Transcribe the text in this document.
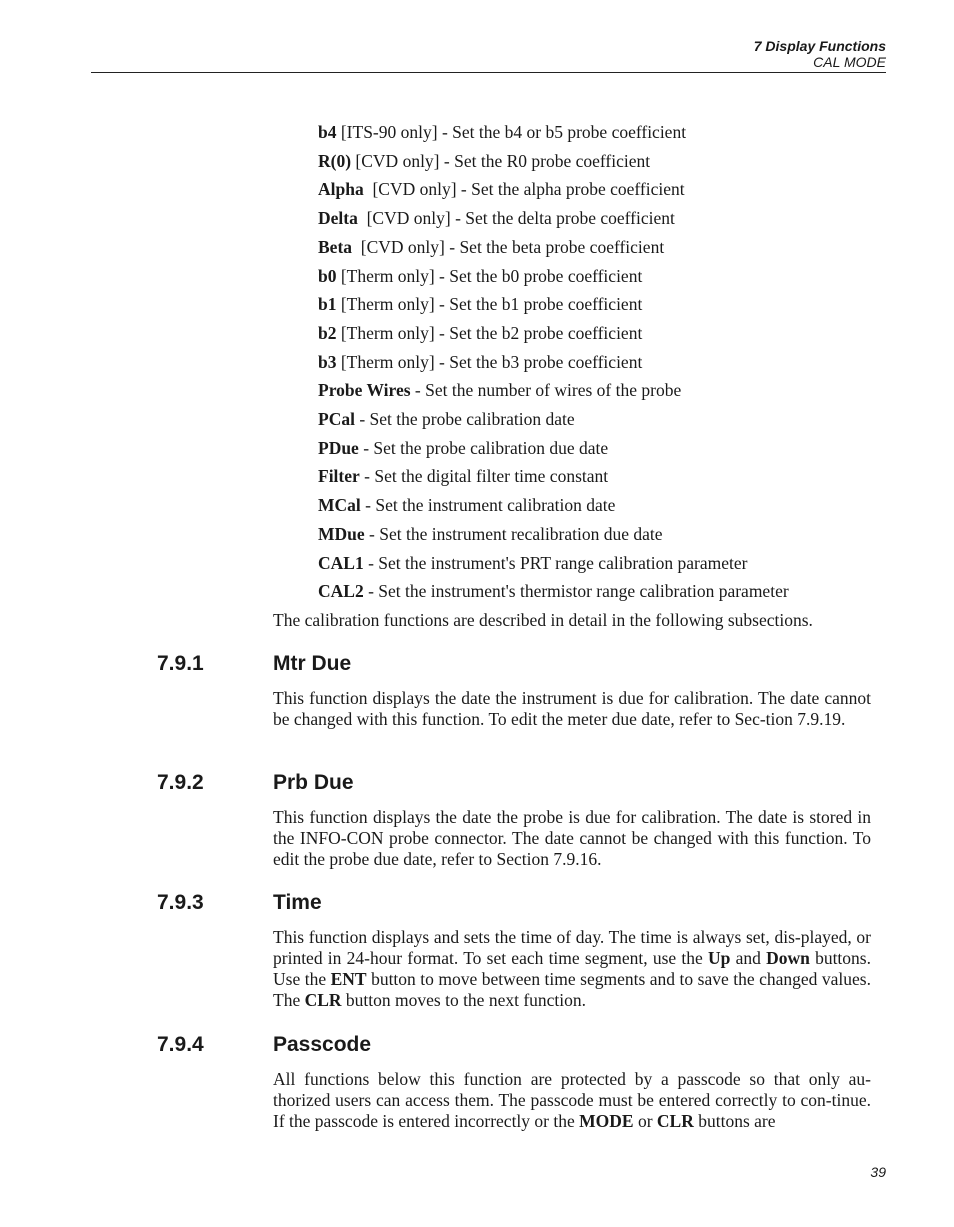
7 Display Functions
CAL MODE
b4 [ITS-90 only] - Set the b4 or b5 probe coefficient
R(0) [CVD only] - Set the R0 probe coefficient
Alpha  [CVD only] - Set the alpha probe coefficient
Delta  [CVD only] - Set the delta probe coefficient
Beta  [CVD only] - Set the beta probe coefficient
b0 [Therm only] - Set the b0 probe coefficient
b1 [Therm only] - Set the b1 probe coefficient
b2 [Therm only] - Set the b2 probe coefficient
b3 [Therm only] - Set the b3 probe coefficient
Probe Wires - Set the number of wires of the probe
PCal - Set the probe calibration date
PDue - Set the probe calibration due date
Filter - Set the digital filter time constant
MCal - Set the instrument calibration date
MDue - Set the instrument recalibration due date
CAL1 - Set the instrument's PRT range calibration parameter
CAL2 - Set the instrument's thermistor range calibration parameter
The calibration functions are described in detail in the following subsections.
7.9.1	Mtr Due
This function displays the date the instrument is due for calibration. The date cannot be changed with this function. To edit the meter due date, refer to Sec-tion 7.9.19.
7.9.2	Prb Due
This function displays the date the probe is due for calibration. The date is stored in the INFO-CON probe connector. The date cannot be changed with this function. To edit the probe due date, refer to Section 7.9.16.
7.9.3	Time
This function displays and sets the time of day. The time is always set, dis-played, or printed in 24-hour format. To set each time segment, use the Up and Down buttons. Use the ENT button to move between time segments and to save the changed values. The CLR button moves to the next function.
7.9.4	Passcode
All functions below this function are protected by a passcode so that only au-thorized users can access them. The passcode must be entered correctly to con-tinue. If the passcode is entered incorrectly or the MODE or CLR buttons are
39
